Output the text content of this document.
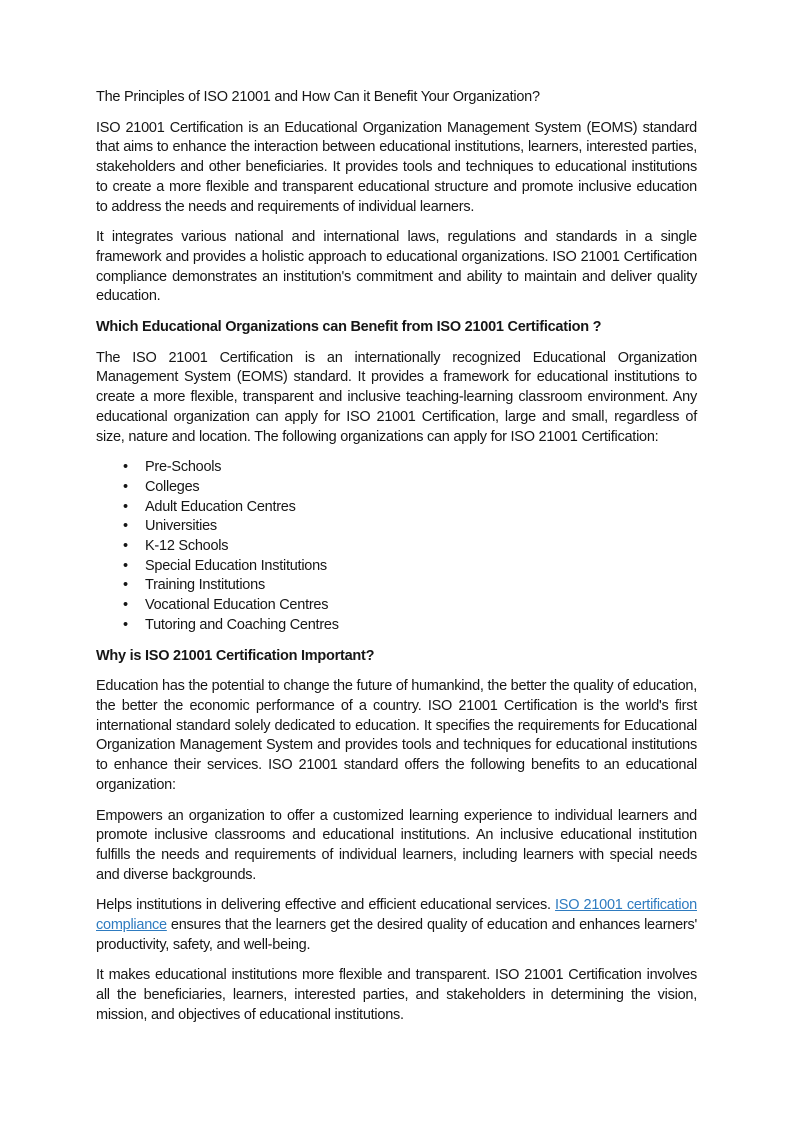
The Principles of ISO 21001 and How Can it Benefit Your Organization?

ISO 21001 Certification is an Educational Organization Management System (EOMS) standard that aims to enhance the interaction between educational institutions, learners, interested parties, stakeholders and other beneficiaries. It provides tools and techniques to educational institutions to create a more flexible and transparent educational structure and promote inclusive education to address the needs and requirements of individual learners.

It integrates various national and international laws, regulations and standards in a single framework and provides a holistic approach to educational organizations. ISO 21001 Certification compliance demonstrates an institution's commitment and ability to maintain and deliver quality education.

Which Educational Organizations can Benefit from ISO 21001 Certification ?

The ISO 21001 Certification is an internationally recognized Educational Organization Management System (EOMS) standard. It provides a framework for educational institutions to create a more flexible, transparent and inclusive teaching-learning classroom environment. Any educational organization can apply for ISO 21001 Certification, large and small, regardless of size, nature and location. The following organizations can apply for ISO 21001 Certification:

• Pre-Schools
• Colleges
• Adult Education Centres
• Universities
• K-12 Schools
• Special Education Institutions
• Training Institutions
• Vocational Education Centres
• Tutoring and Coaching Centres
Why is ISO 21001 Certification Important?

Education has the potential to change the future of humankind, the better the quality of education, the better the economic performance of a country. ISO 21001 Certification is the world's first international standard solely dedicated to education. It specifies the requirements for Educational Organization Management System and provides tools and techniques for educational institutions to enhance their services. ISO 21001 standard offers the following benefits to an educational organization:

Empowers an organization to offer a customized learning experience to individual learners and promote inclusive classrooms and educational institutions. An inclusive educational institution fulfills the needs and requirements of individual learners, including learners with special needs and diverse backgrounds.

Helps institutions in delivering effective and efficient educational services. ISO 21001 certification compliance ensures that the learners get the desired quality of education and enhances learners' productivity, safety, and well-being.

It makes educational institutions more flexible and transparent. ISO 21001 Certification involves all the beneficiaries, learners, interested parties, and stakeholders in determining the vision, mission, and objectives of educational institutions.
